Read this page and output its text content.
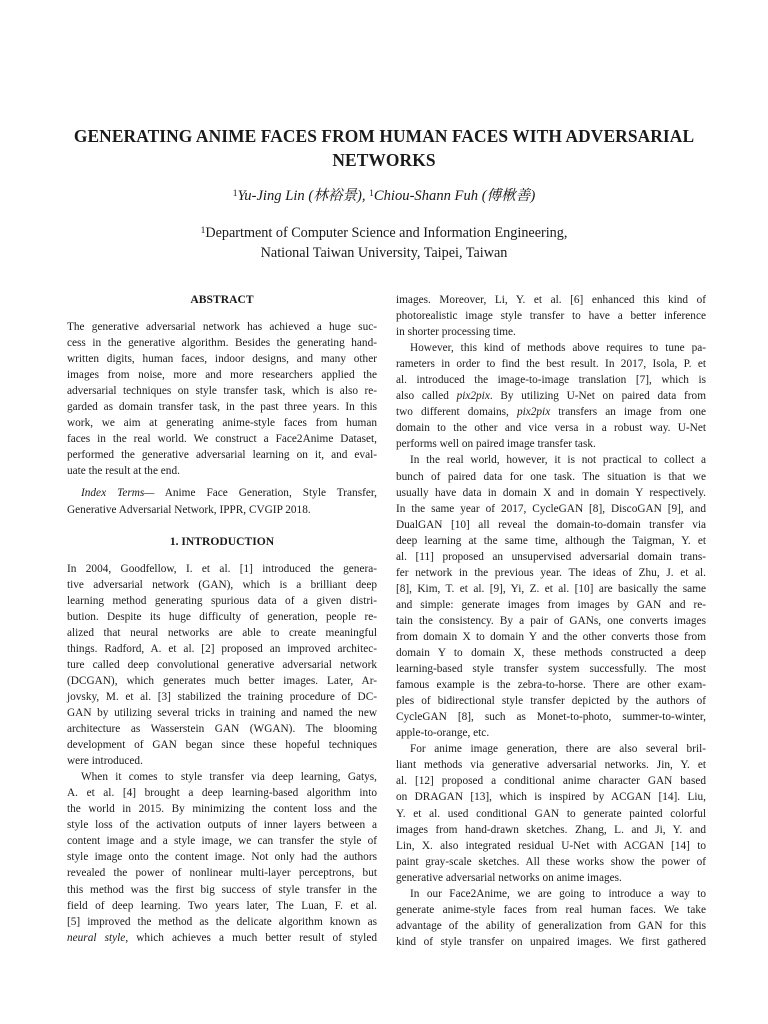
GENERATING ANIME FACES FROM HUMAN FACES WITH ADVERSARIAL
NETWORKS
$^1$Yu-Jing Lin (林裕景), $^1$Chiou-Shann Fuh (傅楸善)
$^1$Department of Computer Science and Information Engineering,
National Taiwan University, Taipei, Taiwan
ABSTRACT
The generative adversarial network has achieved a huge suc-
cess in the generative algorithm. Besides the generating hand-
written digits, human faces, indoor designs, and many other
images from noise, more and more researchers applied the
adversarial techniques on style transfer task, which is also re-
garded as domain transfer task, in the past three years. In this
work, we aim at generating anime-style faces from human
faces in the real world. We construct a Face2Anime Dataset,
performed the generative adversarial learning on it, and eval-
uate the result at the end.
Index Terms— Anime Face Generation, Style Transfer,
Generative Adversarial Network, IPPR, CVGIP 2018.
1. INTRODUCTION
In 2004, Goodfellow, I. et al. [1] introduced the genera-
tive adversarial network (GAN), which is a brilliant deep
learning method generating spurious data of a given distri-
bution. Despite its huge difficulty of generation, people re-
alized that neural networks are able to create meaningful
things. Radford, A. et al. [2] proposed an improved architec-
ture called deep convolutional generative adversarial network
(DCGAN), which generates much better images. Later, Ar-
jovsky, M. et al. [3] stabilized the training procedure of DC-
GAN by utilizing several tricks in training and named the new
architecture as Wasserstein GAN (WGAN). The blooming
development of GAN began since these hopeful techniques
were introduced.
When it comes to style transfer via deep learning, Gatys,
A. et al. [4] brought a deep learning-based algorithm into
the world in 2015. By minimizing the content loss and the
style loss of the activation outputs of inner layers between a
content image and a style image, we can transfer the style of
style image onto the content image. Not only had the authors
revealed the power of nonlinear multi-layer perceptrons, but
this method was the first big success of style transfer in the
field of deep learning. Two years later, The Luan, F. et al.
[5] improved the method as the delicate algorithm known as
neural style, which achieves a much better result of styled
images. Moreover, Li, Y. et al. [6] enhanced this kind of
photorealistic image style transfer to have a better inference
in shorter processing time.
However, this kind of methods above requires to tune pa-
rameters in order to find the best result. In 2017, Isola, P. et
al. introduced the image-to-image translation [7], which is
also called pix2pix. By utilizing U-Net on paired data from
two different domains, pix2pix transfers an image from one
domain to the other and vice versa in a robust way. U-Net
performs well on paired image transfer task.
In the real world, however, it is not practical to collect a
bunch of paired data for one task. The situation is that we
usually have data in domain X and in domain Y respectively.
In the same year of 2017, CycleGAN [8], DiscoGAN [9], and
DualGAN [10] all reveal the domain-to-domain transfer via
deep learning at the same time, although the Taigman, Y. et
al. [11] proposed an unsupervised adversarial domain trans-
fer network in the previous year. The ideas of Zhu, J. et al.
[8], Kim, T. et al. [9], Yi, Z. et al. [10] are basically the same
and simple: generate images from images by GAN and re-
tain the consistency. By a pair of GANs, one converts images
from domain X to domain Y and the other converts those from
domain Y to domain X, these methods constructed a deep
learning-based style transfer system successfully. The most
famous example is the zebra-to-horse. There are other exam-
ples of bidirectional style transfer depicted by the authors of
CycleGAN [8], such as Monet-to-photo, summer-to-winter,
apple-to-orange, etc.
For anime image generation, there are also several bril-
liant methods via generative adversarial networks. Jin, Y. et
al. [12] proposed a conditional anime character GAN based
on DRAGAN [13], which is inspired by ACGAN [14]. Liu,
Y. et al. used conditional GAN to generate painted colorful
images from hand-drawn sketches. Zhang, L. and Ji, Y. and
Lin, X. also integrated residual U-Net with ACGAN [14] to
paint gray-scale sketches. All these works show the power of
generative adversarial networks on anime images.
In our Face2Anime, we are going to introduce a way to
generate anime-style faces from real human faces. We take
advantage of the ability of generalization from GAN for this
kind of style transfer on unpaired images. We first gathered
